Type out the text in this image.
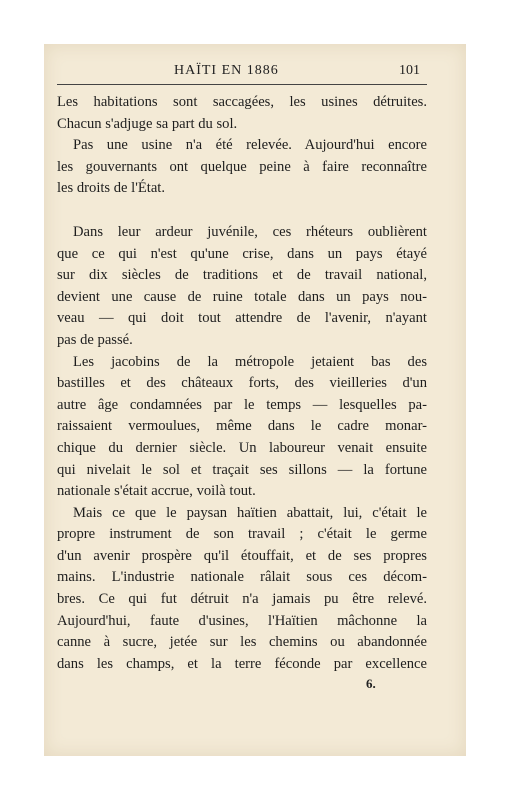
HAÏTI EN 1886	101
Les habitations sont saccagées, les usines détruites.
Chacun s'adjuge sa part du sol.
Pas une usine n'a été relevée. Aujourd'hui encore
les gouvernants ont quelque peine à faire reconnaître
les droits de l'État.
Dans leur ardeur juvénile, ces rhéteurs oublièrent
que ce qui n'est qu'une crise, dans un pays étayé
sur dix siècles de traditions et de travail national,
devient une cause de ruine totale dans un pays nou-
veau — qui doit tout attendre de l'avenir, n'ayant
pas de passé.
Les jacobins de la métropole jetaient bas des
bastilles et des châteaux forts, des vieilleries d'un
autre âge condamnées par le temps — lesquelles pa-
raissaient vermoulues, même dans le cadre monar-
chique du dernier siècle. Un laboureur venait ensuite
qui nivelait le sol et traçait ses sillons — la fortune
nationale s'était accrue, voilà tout.
Mais ce que le paysan haïtien abattait, lui, c'était le
propre instrument de son travail ; c'était le germe
d'un avenir prospère qu'il étouffait, et de ses propres
mains. L'industrie nationale râlait sous ces décom-
bres. Ce qui fut détruit n'a jamais pu être relevé.
Aujourd'hui, faute d'usines, l'Haïtien mâchonne la
canne à sucre, jetée sur les chemins ou abandonnée
dans les champs, et la terre féconde par excellence
6.
